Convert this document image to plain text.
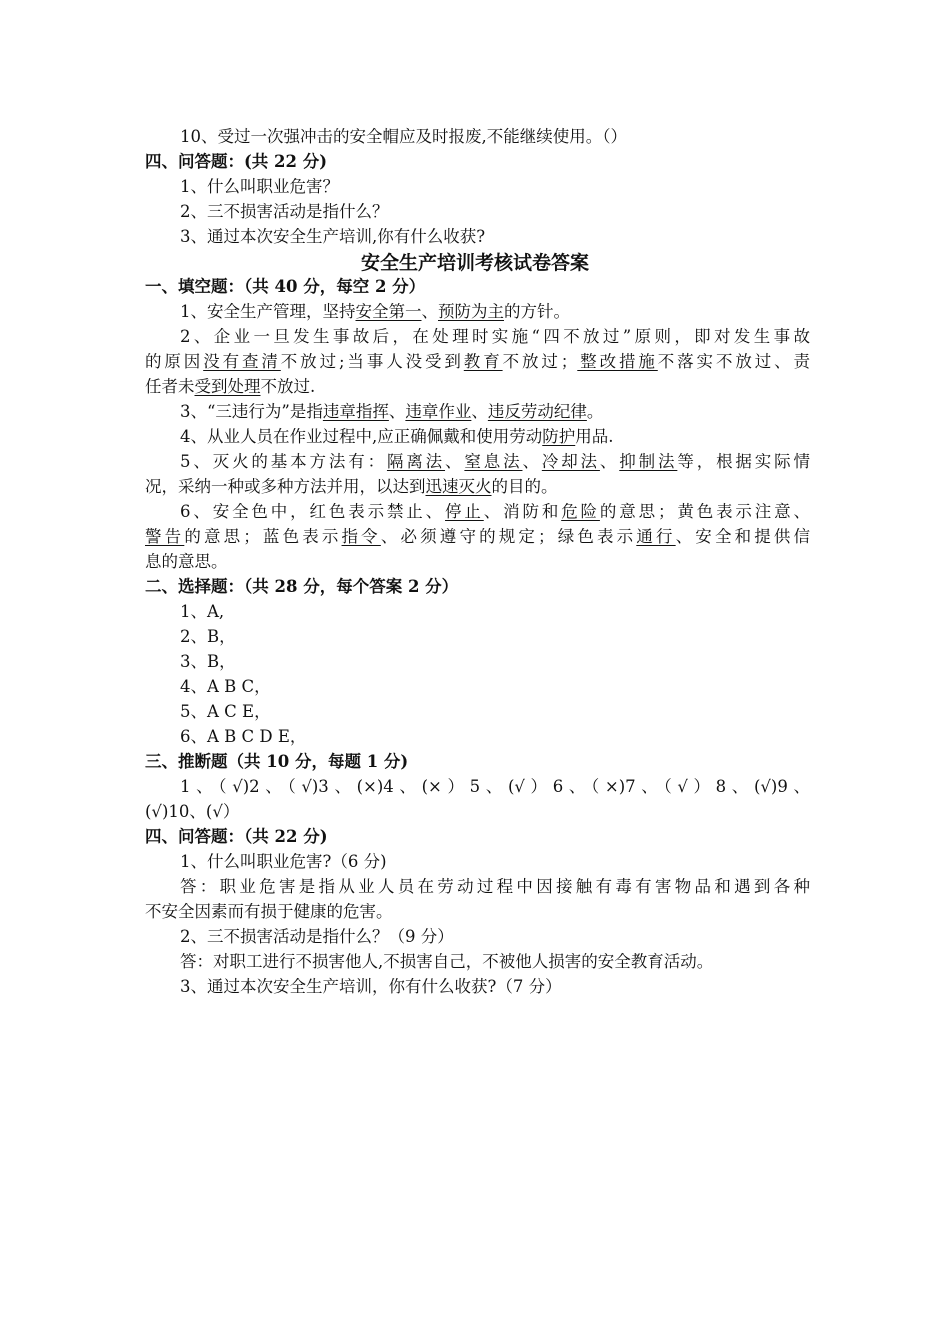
10、受过一次强冲击的安全帽应及时报废,不能继续使用。（）
四、问答题：(共 22 分)
1、什么叫职业危害？
2、三不损害活动是指什么？
3、通过本次安全生产培训,你有什么收获?
安全生产培训考核试卷答案
一、填空题：（共 40 分，每空 2 分）
1、安全生产管理，坚持安全第一、预防为主的方针。
2、企业一旦发生事故后，在处理时实施“四不放过”原则，即对发生事故
的原因没有查清不放过;当事人没受到教育不放过；整改措施不落实不放过、责
任者未受到处理不放过.
3、“三违行为”是指违章指挥、违章作业、违反劳动纪律。
4、从业人员在作业过程中,应正确佩戴和使用劳动防护用品.
5、灭火的基本方法有：隔离法、窒息法、冷却法、抑制法等，根据实际情
况，采纳一种或多种方法并用，以达到迅速灭火的目的。
6、安全色中，红色表示禁止、停止、消防和危险的意思；黄色表示注意、
警告的意思；蓝色表示指令、必须遵守的规定；绿色表示通行、安全和提供信
息的意思。
二、选择题：（共 28 分，每个答案 2 分）
1、A,
2、B，
3、B，
4、A B C，
5、A C E，
6、A B C D E，
三、推断题（共 10 分，每题 1 分)
1、（√)2、（√)3、(×)4、(×）5、(√）6、（×)7、（√）8、(√)9、
(√)10、(√）
四、问答题：（共 22 分)
1、什么叫职业危害?（6 分)
答：职业危害是指从业人员在劳动过程中因接触有毒有害物品和遇到各种
不安全因素而有损于健康的危害。
2、三不损害活动是指什么？（9 分）
答：对职工进行不损害他人,不损害自己，不被他人损害的安全教育活动。
3、通过本次安全生产培训，你有什么收获?（7 分）
